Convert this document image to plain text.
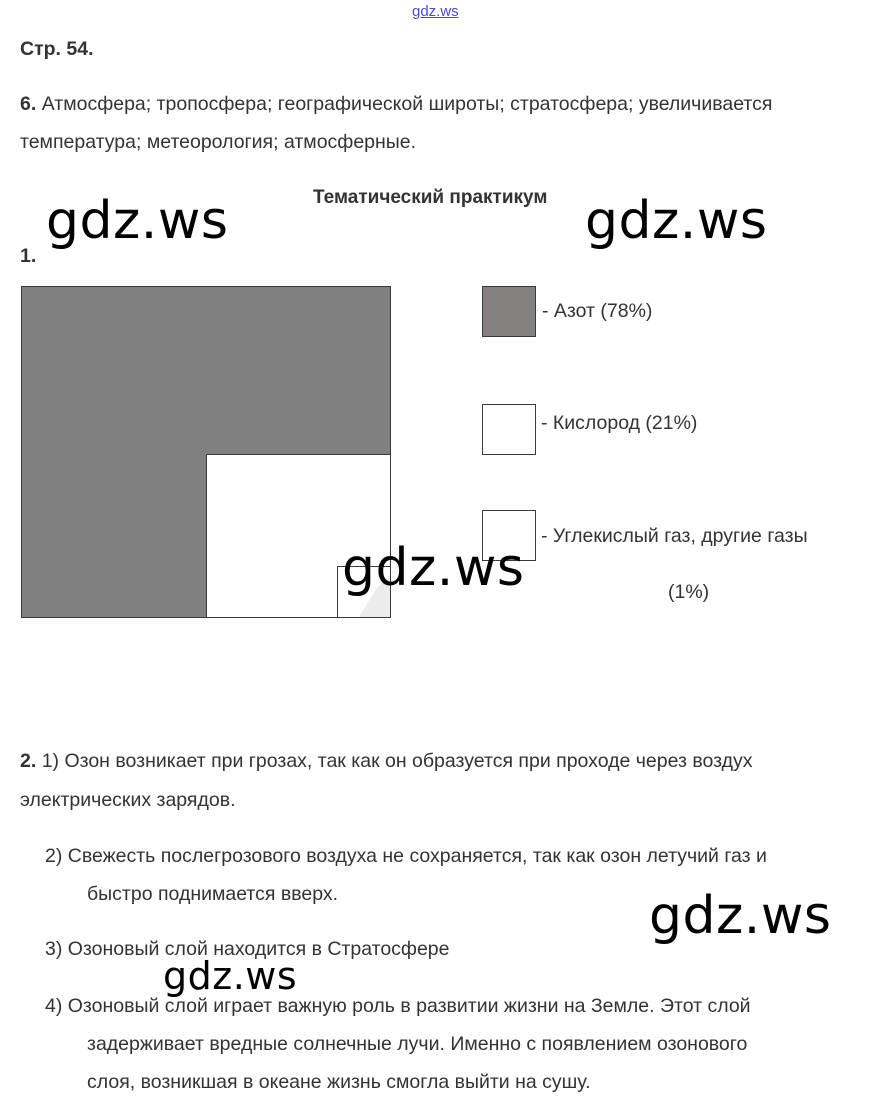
gdz.ws
Стр. 54.
6. Атмосфера; тропосфера; географической широты; стратосфера; увеличивается
температура; метеорология; атмосферные.
Тематический практикум
1.
- Азот (78%)
- Кислород (21%)
- Углекислый газ, другие газы
(1%)
2. 1) Озон возникает при грозах, так как он образуется при проходе через воздух
электрических зарядов.
2) Свежесть послегрозового воздуха не сохраняется, так как озон летучий газ и
быстро поднимается вверх.
3) Озоновый слой находится в Стратосфере
4) Озоновый слой играет важную роль в развитии жизни на Земле. Этот слой
задерживает вредные солнечные лучи. Именно с появлением озонового
слоя, возникшая в океане жизнь смогла выйти на сушу.
gdz.ws	gdz.ws
gdz.ws
gdz.ws
gdz.ws
